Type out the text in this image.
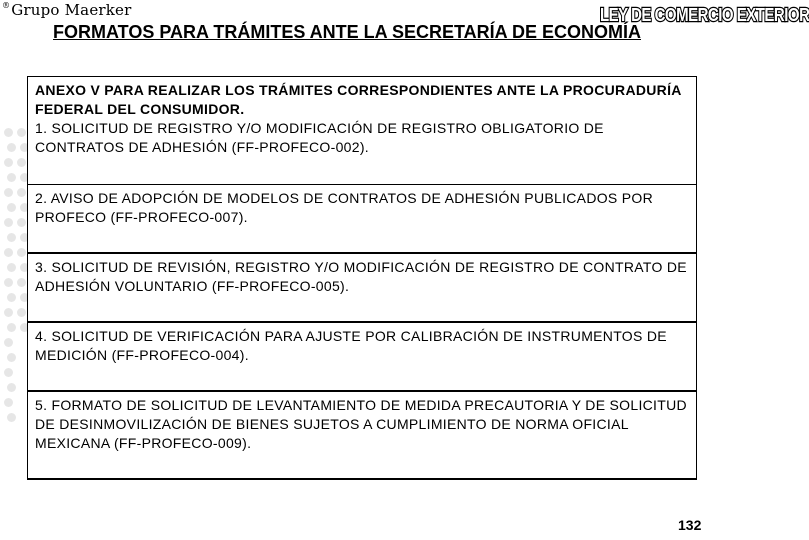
®Grupo Maerker	LEY DE COMERCIO EXTERIOR
FORMATOS PARA TRÁMITES ANTE LA SECRETARÍA DE ECONOMÍA
ANEXO V PARA REALIZAR LOS TRÁMITES CORRESPONDIENTES ANTE LA PROCURADURÍA FEDERAL DEL CONSUMIDOR.
1. SOLICITUD DE REGISTRO Y/O MODIFICACIÓN DE REGISTRO OBLIGATORIO DE CONTRATOS DE ADHESIÓN (FF-PROFECO-002).
2. AVISO DE ADOPCIÓN DE MODELOS DE CONTRATOS DE ADHESIÓN PUBLICADOS POR PROFECO (FF-PROFECO-007).
3. SOLICITUD DE REVISIÓN, REGISTRO Y/O MODIFICACIÓN DE REGISTRO DE CONTRATO DE ADHESIÓN VOLUNTARIO (FF-PROFECO-005).
4. SOLICITUD DE VERIFICACIÓN PARA AJUSTE POR CALIBRACIÓN DE INSTRUMENTOS DE MEDICIÓN (FF-PROFECO-004).
5. FORMATO DE SOLICITUD DE LEVANTAMIENTO DE MEDIDA PRECAUTORIA Y DE SOLICITUD DE DESINMOVILIZACIÓN DE BIENES SUJETOS A CUMPLIMIENTO DE NORMA OFICIAL MEXICANA (FF-PROFECO-009).
132
